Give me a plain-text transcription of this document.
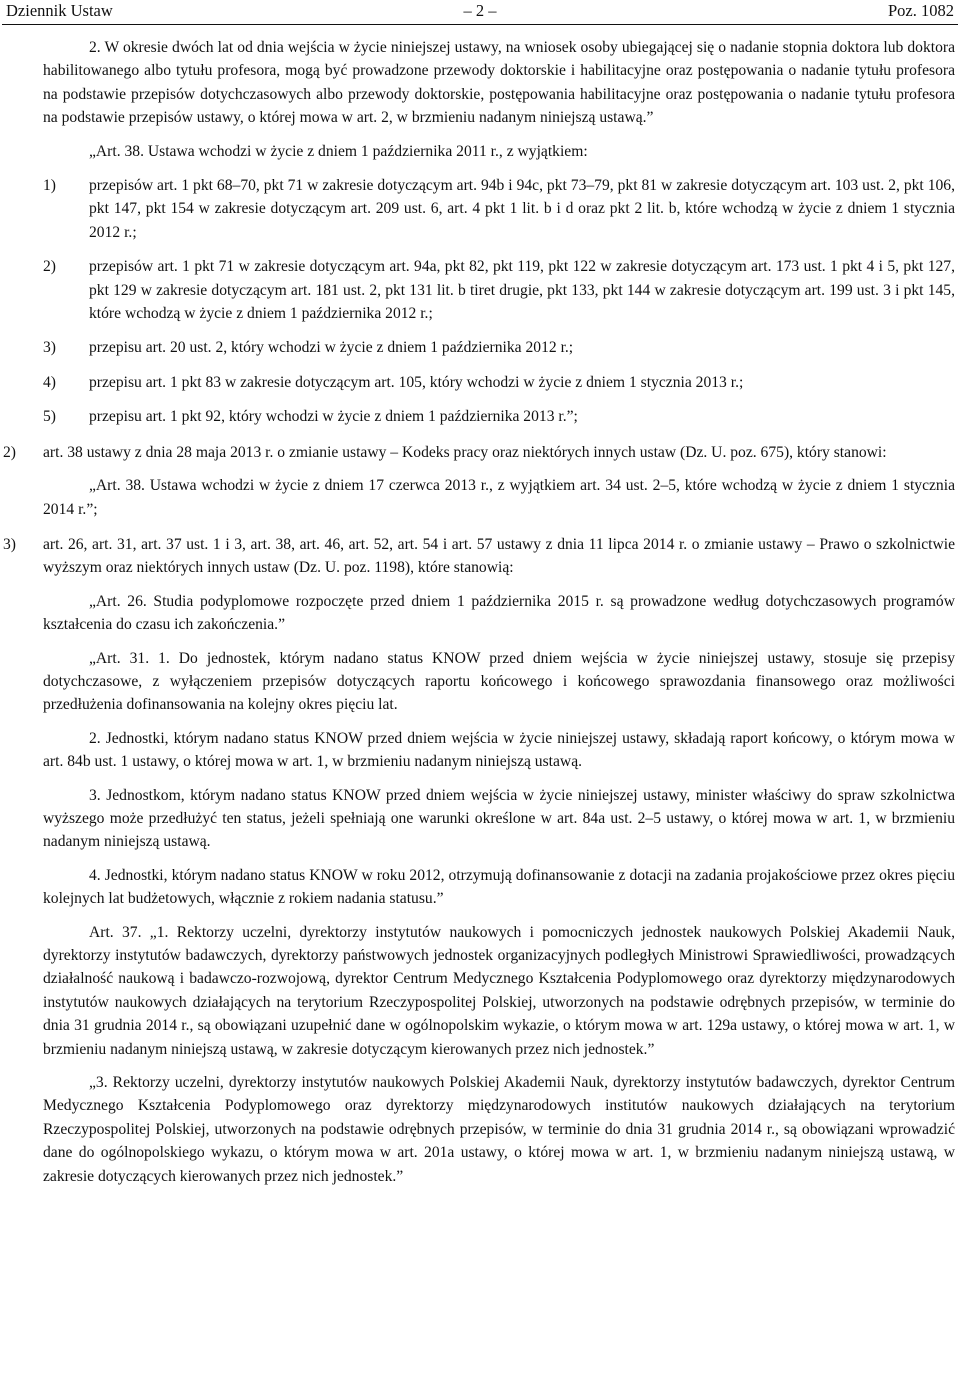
Dziennik Ustaw	– 2 –	Poz. 1082

2. W okresie dwóch lat od dnia wejścia w życie niniejszej ustawy, na wniosek osoby ubiegającej się o nadanie stopnia doktora lub doktora habilitowanego albo tytułu profesora, mogą być prowadzone przewody doktorskie i habilitacyjne oraz postępowania o nadanie tytułu profesora na podstawie przepisów dotychczasowych albo przewody doktorskie, postępowania habilitacyjne oraz postępowania o nadanie tytułu profesora na podstawie przepisów ustawy, o której mowa w art. 2, w brzmieniu nadanym niniejszą ustawą.”

„Art. 38. Ustawa wchodzi w życie z dniem 1 października 2011 r., z wyjątkiem:

1)	przepisów art. 1 pkt 68–70, pkt 71 w zakresie dotyczącym art. 94b i 94c, pkt 73–79, pkt 81 w zakresie dotyczącym art. 103 ust. 2, pkt 106, pkt 147, pkt 154 w zakresie dotyczącym art. 209 ust. 6, art. 4 pkt 1 lit. b i d oraz pkt 2 lit. b, które wchodzą w życie z dniem 1 stycznia 2012 r.;
2)	przepisów art. 1 pkt 71 w zakresie dotyczącym art. 94a, pkt 82, pkt 119, pkt 122 w zakresie dotyczącym art. 173 ust. 1 pkt 4 i 5, pkt 127, pkt 129 w zakresie dotyczącym art. 181 ust. 2, pkt 131 lit. b tiret drugie, pkt 133, pkt 144 w zakresie dotyczącym art. 199 ust. 3 i pkt 145, które wchodzą w życie z dniem 1 października 2012 r.;
3)	przepisu art. 20 ust. 2, który wchodzi w życie z dniem 1 października 2012 r.;
4)	przepisu art. 1 pkt 83 w zakresie dotyczącym art. 105, który wchodzi w życie z dniem 1 stycznia 2013 r.;
5)	przepisu art. 1 pkt 92, który wchodzi w życie z dniem 1 października 2013 r.”;
2)	art. 38 ustawy z dnia 28 maja 2013 r. o zmianie ustawy – Kodeks pracy oraz niektórych innych ustaw (Dz. U. poz. 675), który stanowi:

„Art. 38. Ustawa wchodzi w życie z dniem 17 czerwca 2013 r., z wyjątkiem art. 34 ust. 2–5, które wchodzą w życie z dniem 1 stycznia 2014 r.”;

3)	art. 26, art. 31, art. 37 ust. 1 i 3, art. 38, art. 46, art. 52, art. 54 i art. 57 ustawy z dnia 11 lipca 2014 r. o zmianie ustawy – Prawo o szkolnictwie wyższym oraz niektórych innych ustaw (Dz. U. poz. 1198), które stanowią:

„Art. 26. Studia podyplomowe rozpoczęte przed dniem 1 października 2015 r. są prowadzone według dotychczasowych programów kształcenia do czasu ich zakończenia.”

„Art. 31. 1. Do jednostek, którym nadano status KNOW przed dniem wejścia w życie niniejszej ustawy, stosuje się przepisy dotychczasowe, z wyłączeniem przepisów dotyczących raportu końcowego i końcowego sprawozdania finansowego oraz możliwości przedłużenia dofinansowania na kolejny okres pięciu lat.

2. Jednostki, którym nadano status KNOW przed dniem wejścia w życie niniejszej ustawy, składają raport końcowy, o którym mowa w art. 84b ust. 1 ustawy, o której mowa w art. 1, w brzmieniu nadanym niniejszą ustawą.

3. Jednostkom, którym nadano status KNOW przed dniem wejścia w życie niniejszej ustawy, minister właściwy do spraw szkolnictwa wyższego może przedłużyć ten status, jeżeli spełniają one warunki określone w art. 84a ust. 2–5 ustawy, o której mowa w art. 1, w brzmieniu nadanym niniejszą ustawą.

4. Jednostki, którym nadano status KNOW w roku 2012, otrzymują dofinansowanie z dotacji na zadania projakościowe przez okres pięciu kolejnych lat budżetowych, włącznie z rokiem nadania statusu.”

Art. 37. „1. Rektorzy uczelni, dyrektorzy instytutów naukowych i pomocniczych jednostek naukowych Polskiej Akademii Nauk, dyrektorzy instytutów badawczych, dyrektorzy państwowych jednostek organizacyjnych podległych Ministrowi Sprawiedliwości, prowadzących działalność naukową i badawczo-rozwojową, dyrektor Centrum Medycznego Kształcenia Podyplomowego oraz dyrektorzy międzynarodowych instytutów naukowych działających na terytorium Rzeczypospolitej Polskiej, utworzonych na podstawie odrębnych przepisów, w terminie do dnia 31 grudnia 2014 r., są obowiązani uzupełnić dane w ogólnopolskim wykazie, o którym mowa w art. 129a ustawy, o której mowa w art. 1, w brzmieniu nadanym niniejszą ustawą, w zakresie dotyczącym kierowanych przez nich jednostek.”

„3. Rektorzy uczelni, dyrektorzy instytutów naukowych Polskiej Akademii Nauk, dyrektorzy instytutów badawczych, dyrektor Centrum Medycznego Kształcenia Podyplomowego oraz dyrektorzy międzynarodowych institutów naukowych działających na terytorium Rzeczypospolitej Polskiej, utworzonych na podstawie odrębnych przepisów, w terminie do dnia 31 grudnia 2014 r., są obowiązani wprowadzić dane do ogólnopolskiego wykazu, o którym mowa w art. 201a ustawy, o której mowa w art. 1, w brzmieniu nadanym niniejszą ustawą, w zakresie dotyczących kierowanych przez nich jednostek.”
